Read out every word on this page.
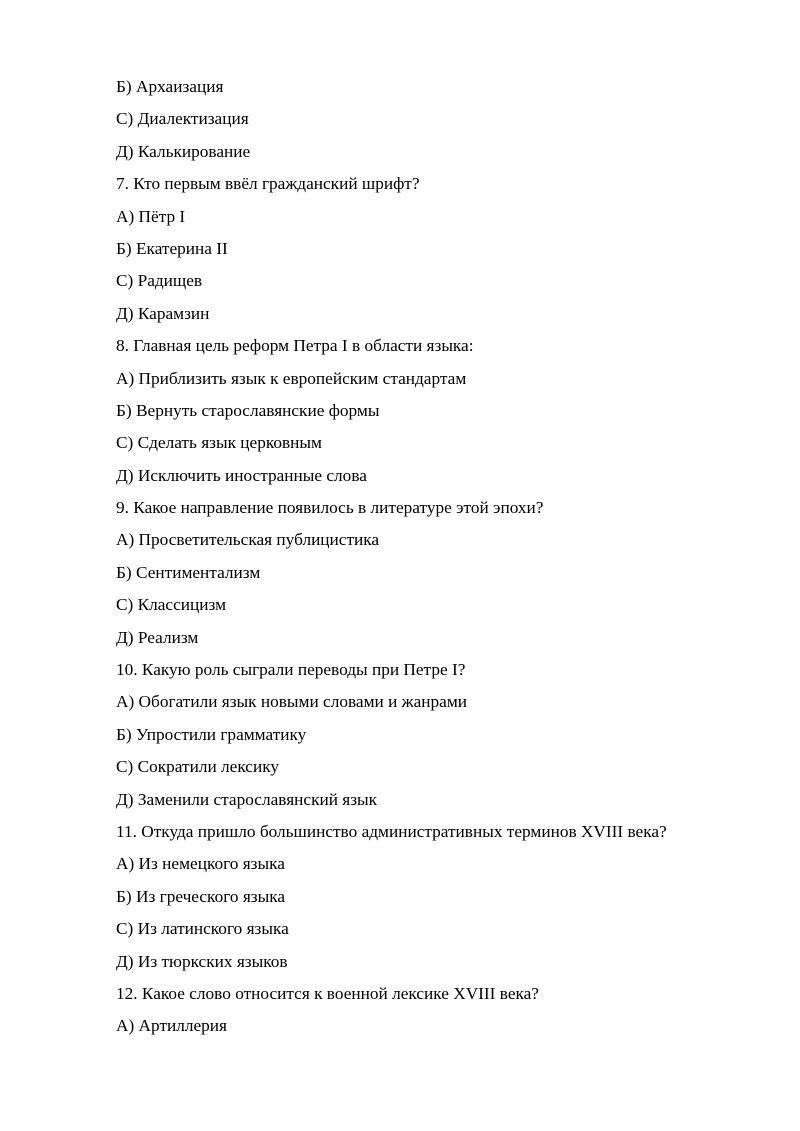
Б) Архаизация
С) Диалектизация
Д) Калькирование
7. Кто первым ввёл гражданский шрифт?
А) Пётр I
Б) Екатерина II
С) Радищев
Д) Карамзин
8. Главная цель реформ Петра I в области языка:
А) Приблизить язык к европейским стандартам
Б) Вернуть старославянские формы
С) Сделать язык церковным
Д) Исключить иностранные слова
9. Какое направление появилось в литературе этой эпохи?
А) Просветительская публицистика
Б) Сентиментализм
С) Классицизм
Д) Реализм
10. Какую роль сыграли переводы при Петре I?
А) Обогатили язык новыми словами и жанрами
Б) Упростили грамматику
С) Сократили лексику
Д) Заменили старославянский язык
11. Откуда пришло большинство административных терминов XVIII века?
А) Из немецкого языка
Б) Из греческого языка
С) Из латинского языка
Д) Из тюркских языков
12. Какое слово относится к военной лексике XVIII века?
А) Артиллерия
